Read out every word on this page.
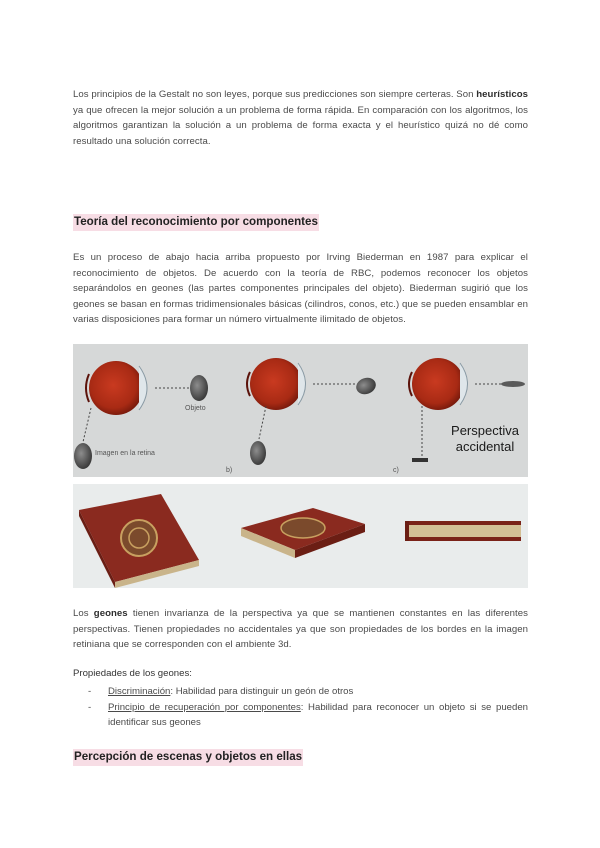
Los principios de la Gestalt no son leyes, porque sus predicciones son siempre certeras. Son heurísticos ya que ofrecen la mejor solución a un problema de forma rápida. En comparación con los algoritmos, los algoritmos garantizan la solución a un problema de forma exacta y el heurístico quizá no dé como resultado una solución correcta.

Teoría del reconocimiento por componentes

Es un proceso de abajo hacia arriba propuesto por Irving Biederman en 1987 para explicar el reconocimiento de objetos. De acuerdo con la teoría de RBC, podemos reconocer los objetos separándolos en geones (las partes componentes principales del objeto). Biederman sugirió que los geones se basan en formas tridimensionales básicas (cilindros, conos, etc.) que se pueden ensamblar en varias disposiciones para formar un número virtualmente ilimitado de objetos.

Objeto
Imagen en la retina
b)	c)
Perspectiva
accidental

Los geones tienen invarianza de la perspectiva ya que se mantienen constantes en las diferentes perspectivas. Tienen propiedades no accidentales ya que son propiedades de los bordes en la imagen retiniana que se corresponden con el ambiente 3d.

Propiedades de los geones:

- Discriminación: Habilidad para distinguir un geón de otros
- Principio de recuperación por componentes: Habilidad para reconocer un objeto si se pueden identificar sus geones
Percepción de escenas y objetos en ellas
